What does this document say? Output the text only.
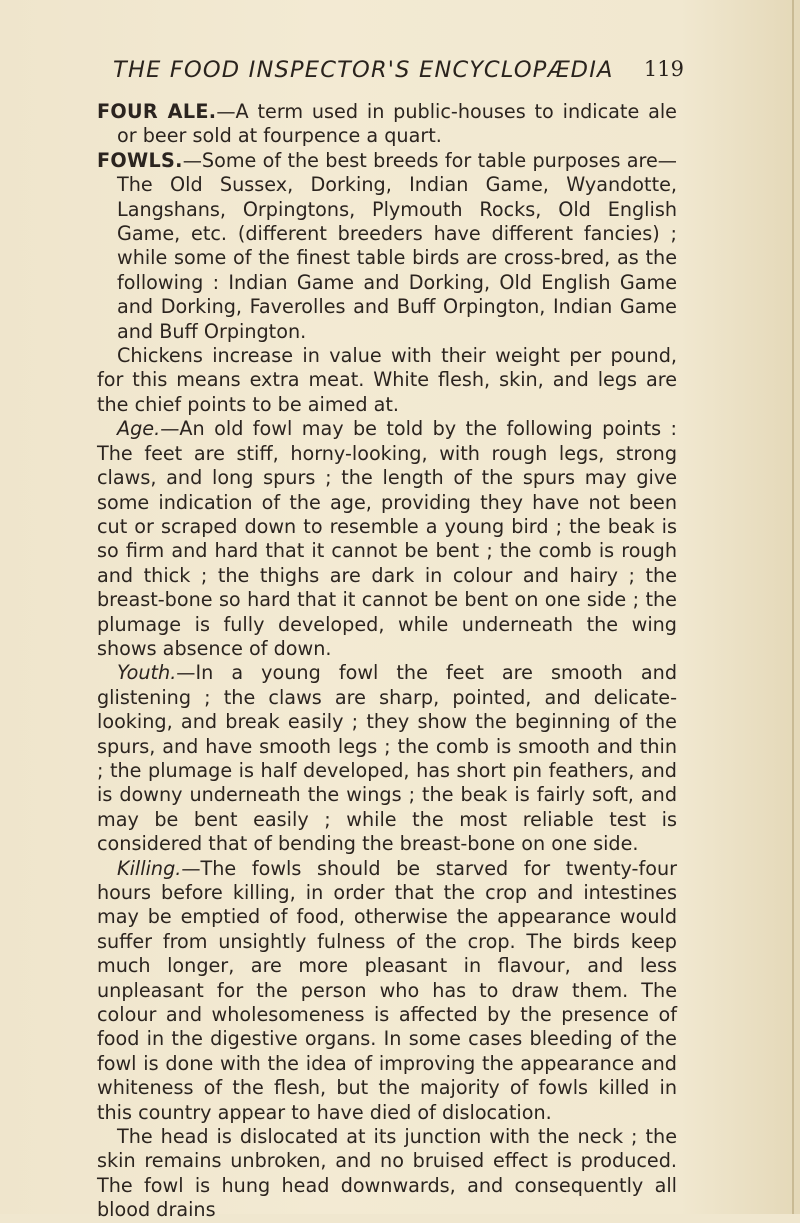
THE FOOD INSPECTOR'S ENCYCLOPÆDIA	119

FOUR ALE.—A term used in public-houses to indicate ale or beer sold at fourpence a quart.

FOWLS.—Some of the best breeds for table purposes are—The Old Sussex, Dorking, Indian Game, Wyandotte, Langshans, Orpingtons, Plymouth Rocks, Old English Game, etc. (different breeders have different fancies) ; while some of the finest table birds are cross-bred, as the following : Indian Game and Dorking, Old English Game and Dorking, Faverolles and Buff Orpington, Indian Game and Buff Orpington.

Chickens increase in value with their weight per pound, for this means extra meat. White flesh, skin, and legs are the chief points to be aimed at.

Age.—An old fowl may be told by the following points : The feet are stiff, horny-looking, with rough legs, strong claws, and long spurs ; the length of the spurs may give some indication of the age, providing they have not been cut or scraped down to resemble a young bird ; the beak is so firm and hard that it cannot be bent ; the comb is rough and thick ; the thighs are dark in colour and hairy ; the breast-bone so hard that it cannot be bent on one side ; the plumage is fully developed, while underneath the wing shows absence of down.

Youth.—In a young fowl the feet are smooth and glistening ; the claws are sharp, pointed, and delicate-looking, and break easily ; they show the beginning of the spurs, and have smooth legs ; the comb is smooth and thin ; the plumage is half developed, has short pin feathers, and is downy underneath the wings ; the beak is fairly soft, and may be bent easily ; while the most reliable test is considered that of bending the breast-bone on one side.

Killing.—The fowls should be starved for twenty-four hours before killing, in order that the crop and intestines may be emptied of food, otherwise the appearance would suffer from unsightly fulness of the crop. The birds keep much longer, are more pleasant in flavour, and less unpleasant for the person who has to draw them. The colour and wholesomeness is affected by the presence of food in the digestive organs. In some cases bleeding of the fowl is done with the idea of improving the appearance and whiteness of the flesh, but the majority of fowls killed in this country appear to have died of dislocation.

The head is dislocated at its junction with the neck ; the skin remains unbroken, and no bruised effect is produced. The fowl is hung head downwards, and consequently all blood drains
